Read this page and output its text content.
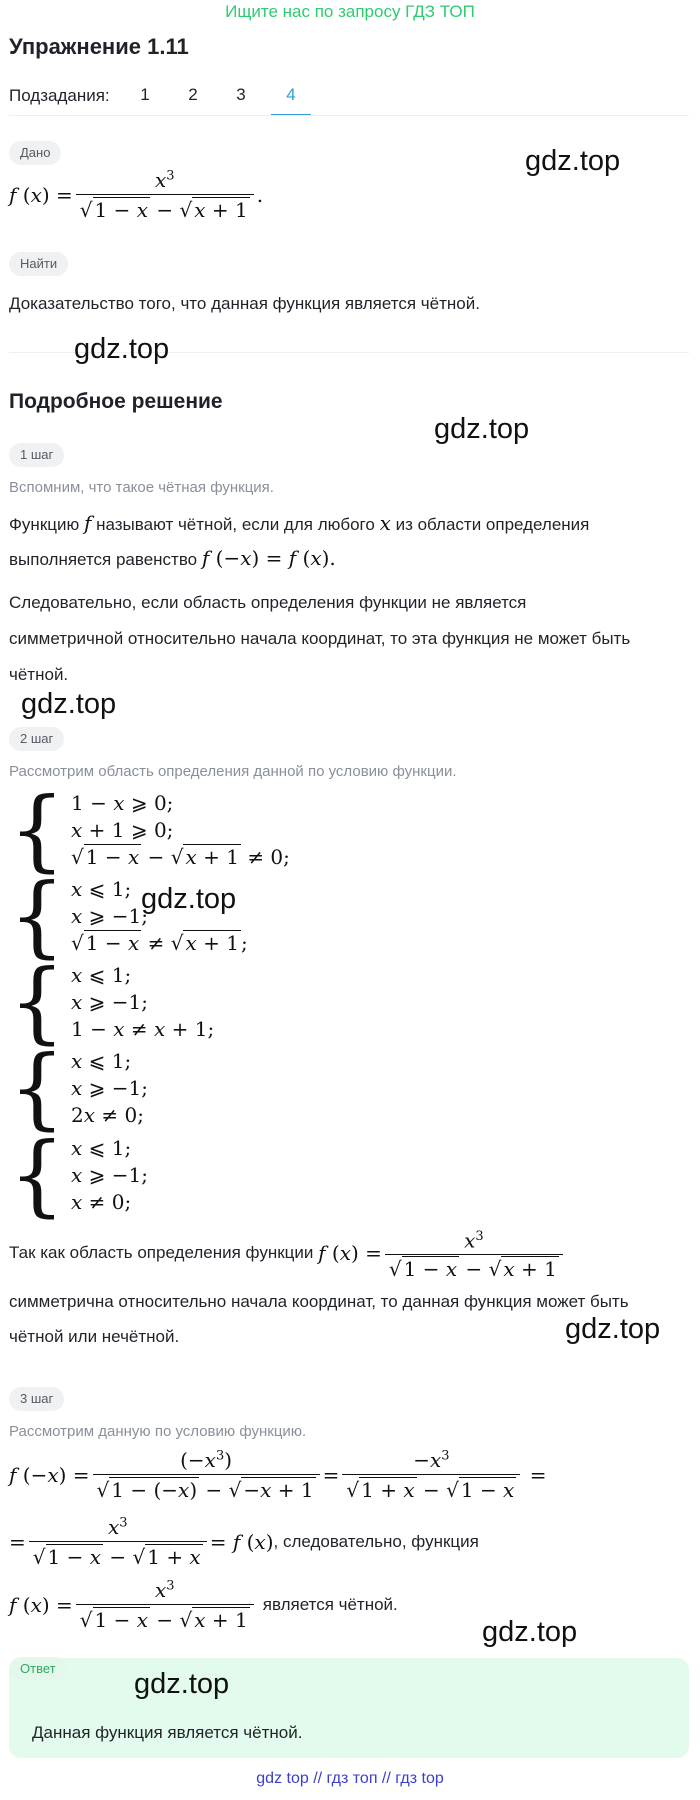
Ищите нас по запросу ГДЗ ТОП
Упражнение 1.11
Подзадания:	1	2	3	4
Дано
f $(x) = \frac{x^3}{√ 1 - x - √ x + 1}$ .
Найти
Доказательство того, что данная функция является чётной.
Подробное решение
1 шаг
Вспомним, что такое чётная функция.
Функцию f называют чётной, если для любого x из области определения
выполняется равенство f (−x) = f (x).
Следовательно, если область определения функции не является
симметричной относительно начала координат, то эта функция не может быть
чётной.
2 шаг
Рассмотрим область определения данной по условию функции.
{ 1 − x ⩾ 0;
x + 1 ⩾ 0;
√ 1 − x − √ x + 1 ≠ 0;
{ x ⩽ 1;
x ⩾ −1;
√ 1 − x ≠ √ x + 1 ;
{ x ⩽ 1;
x ⩾ −1;
1 − x ≠ x + 1;
{ x ⩽ 1;
x ⩾ −1;
2x ≠ 0;
{ x ⩽ 1;
x ⩾ −1;
x ≠ 0;
Так как область определения функции
f ( x ) = $\frac{x^3}{√ 1 - x - √ x + 1}$
симметрична относительно начала координат, то данная функция может быть
чётной или нечётной.
3 шаг
Рассмотрим данную по условию функцию.
f $(-x) = \frac{(-x^3)}{√ 1 - (-x) - √ -x + 1} = \frac{-x^3}{√ 1 + x - √ 1 - x}$ =
= $\frac{x^3}{√ 1 - x - √ 1 + x} = f$ (x) , следовательно, функция
f $(x) = \frac{x^3}{√ 1 - x - √ x + 1}$ является чётной.
Ответ
Данная функция является чётной.
gdz.top
gdz.top
gdz.top
gdz.top
gdz.top
gdz.top
gdz.top
gdz.top
gdz top // гдз топ // гдз top
